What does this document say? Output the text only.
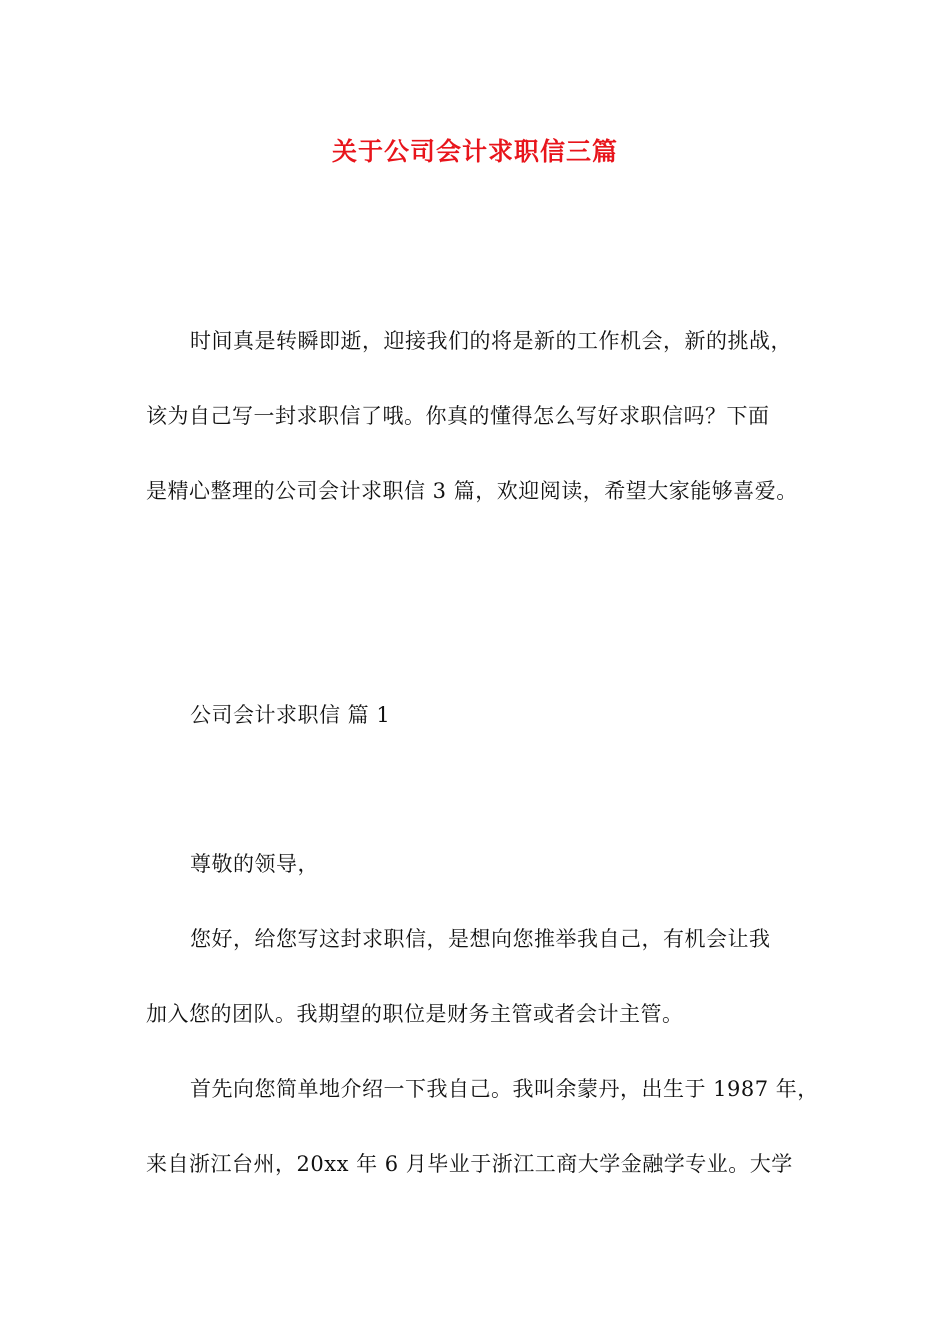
关于公司会计求职信三篇
时间真是转瞬即逝，迎接我们的将是新的工作机会，新的挑战，
该为自己写一封求职信了哦。你真的懂得怎么写好求职信吗？下面
是精心整理的公司会计求职信 3 篇，欢迎阅读，希望大家能够喜爱。
公司会计求职信 篇 1
尊敬的领导，
您好，给您写这封求职信，是想向您推举我自己，有机会让我
加入您的团队。我期望的职位是财务主管或者会计主管。
首先向您简单地介绍一下我自己。我叫余蒙丹，出生于 1987 年，
来自浙江台州，20xx 年 6 月毕业于浙江工商大学金融学专业。大学
